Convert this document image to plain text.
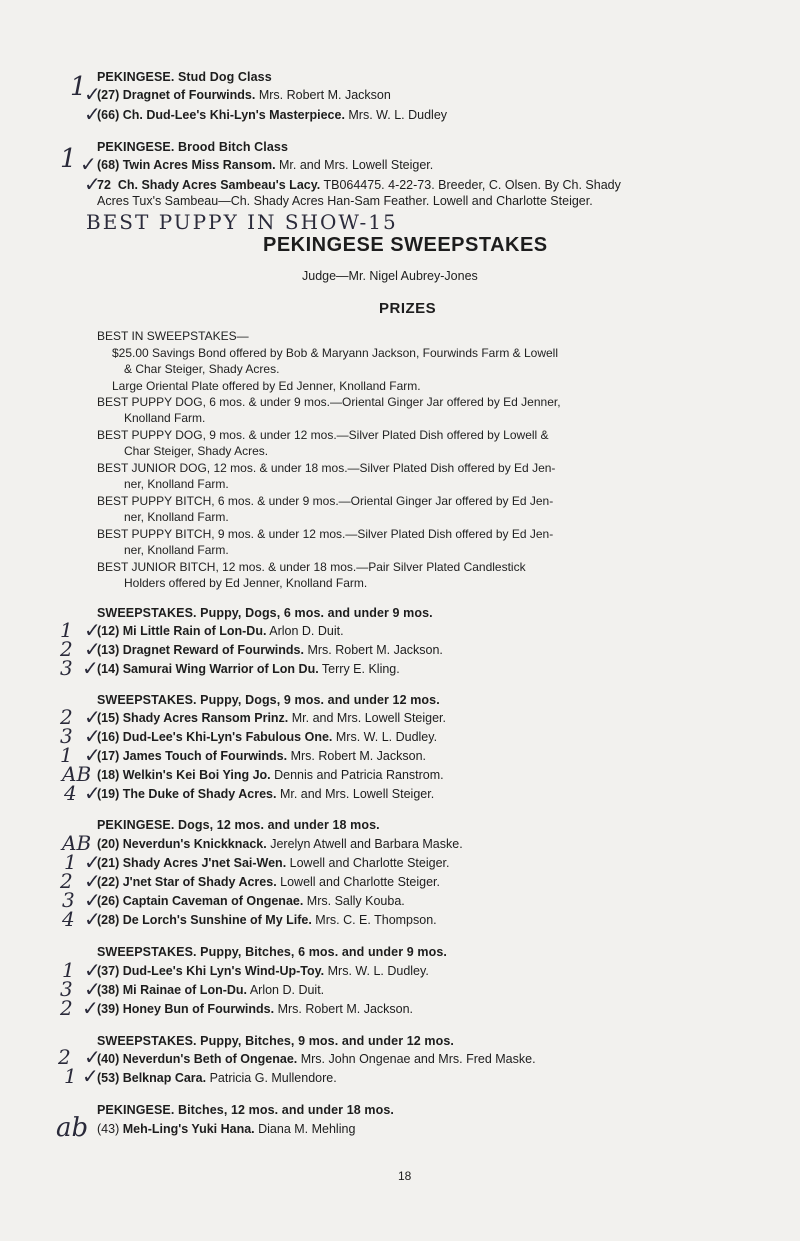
1 PEKINGESE. Stud Dog Class
✓
(27) Dragnet of Fourwinds. Mrs. Robert M. Jackson
✓
(66) Ch. Dud-Lee's Khi-Lyn's Masterpiece. Mrs. W. L. Dudley
1 PEKINGESE. Brood Bitch Class
✓ (68) Twin Acres Miss Ransom. Mr. and Mrs. Lowell Steiger.
✓
72 Ch. Shady Acres Sambeau's Lacy. TB064475. 4-22-73. Breeder, C. Olsen. By Ch. Shady
Acres Tux's Sambeau—Ch. Shady Acres Han-Sam Feather. Lowell and Charlotte Steiger.
BEST PUPPY IN SHOW-15
PEKINGESE SWEEPSTAKES
Judge—Mr. Nigel Aubrey-Jones
PRIZES
BEST IN SWEEPSTAKES—
$25.00 Savings Bond offered by Bob & Maryann Jackson, Fourwinds Farm & Lowell
& Char Steiger, Shady Acres.
Large Oriental Plate offered by Ed Jenner, Knolland Farm.
BEST PUPPY DOG, 6 mos. & under 9 mos.—Oriental Ginger Jar offered by Ed Jenner,
Knolland Farm.
BEST PUPPY DOG, 9 mos. & under 12 mos.—Silver Plated Dish offered by Lowell &
Char Steiger, Shady Acres.
BEST JUNIOR DOG, 12 mos. & under 18 mos.—Silver Plated Dish offered by Ed Jen-
ner, Knolland Farm.
BEST PUPPY BITCH, 6 mos. & under 9 mos.—Oriental Ginger Jar offered by Ed Jen-
ner, Knolland Farm.
BEST PUPPY BITCH, 9 mos. & under 12 mos.—Silver Plated Dish offered by Ed Jen-
ner, Knolland Farm.
BEST JUNIOR BITCH, 12 mos. & under 18 mos.—Pair Silver Plated Candlestick
Holders offered by Ed Jenner, Knolland Farm.
SWEEPSTAKES. Puppy, Dogs, 6 mos. and under 9 mos.
1 ✓
(12) Mi Little Rain of Lon-Du. Arlon D. Duit.
2 ✓
(13) Dragnet Reward of Fourwinds. Mrs. Robert M. Jackson.
3 ✓
(14) Samurai Wing Warrior of Lon Du. Terry E. Kling.
SWEEPSTAKES. Puppy, Dogs, 9 mos. and under 12 mos.
2 ✓
(15) Shady Acres Ransom Prinz. Mr. and Mrs. Lowell Steiger.
3 ✓
(16) Dud-Lee's Khi-Lyn's Fabulous One. Mrs. W. L. Dudley.
1 ✓
(17) James Touch of Fourwinds. Mrs. Robert M. Jackson.
AB (18) Welkin's Kei Boi Ying Jo. Dennis and Patricia Ranstrom.
4 ✓
(19) The Duke of Shady Acres. Mr. and Mrs. Lowell Steiger.
PEKINGESE. Dogs, 12 mos. and under 18 mos.
AB (20) Neverdun's Knickknack. Jerelyn Atwell and Barbara Maske.
1 ✓
(21) Shady Acres J'net Sai-Wen. Lowell and Charlotte Steiger.
2 ✓
(22) J'net Star of Shady Acres. Lowell and Charlotte Steiger.
3 ✓
(26) Captain Caveman of Ongenae. Mrs. Sally Kouba.
4 ✓
(28) De Lorch's Sunshine of My Life. Mrs. C. E. Thompson.
SWEEPSTAKES. Puppy, Bitches, 6 mos. and under 9 mos.
1 ✓
(37) Dud-Lee's Khi Lyn's Wind-Up-Toy. Mrs. W. L. Dudley.
3 ✓
(38) Mi Rainae of Lon-Du. Arlon D. Duit.
2 ✓
(39) Honey Bun of Fourwinds. Mrs. Robert M. Jackson.
SWEEPSTAKES. Puppy, Bitches, 9 mos. and under 12 mos.
2 ✓
(40) Neverdun's Beth of Ongenae. Mrs. John Ongenae and Mrs. Fred Maske.
1 ✓
(53) Belknap Cara. Patricia G. Mullendore.
PEKINGESE. Bitches, 12 mos. and under 18 mos.
ab (43) Meh-Ling's Yuki Hana. Diana M. Mehling
18
